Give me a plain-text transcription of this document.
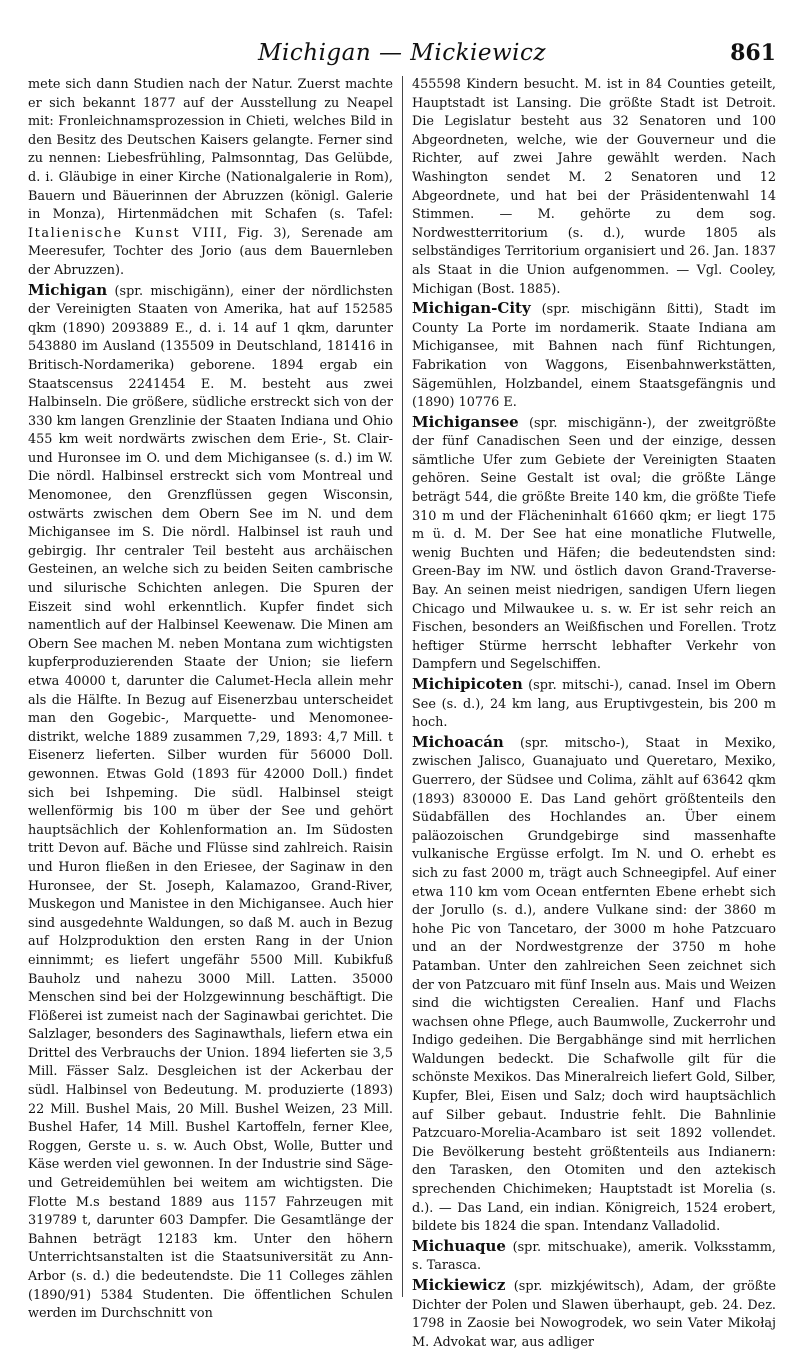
Michigan — Mickiewicz	861

mete sich dann Studien nach der Natur. Zuerst machte er sich bekannt 1877 auf der Ausstellung zu Neapel mit: Fronleichnamsprozession in Chieti, welches Bild in den Besitz des Deutschen Kaisers gelangte. Ferner sind zu nennen: Liebesfrühling, Palmsonntag, Das Gelübde, d. i. Gläubige in einer Kirche (Nationalgalerie in Rom), Bauern und Bäuerinnen der Abruzzen (königl. Galerie in Monza), Hirtenmädchen mit Schafen (s. Tafel: Italienische Kunst VIII, Fig. 3), Serenade am Meeresufer, Tochter des Jorio (aus dem Bauernleben der Abruzzen).

Michigan (spr. mischigänn), einer der nördlichsten der Vereinigten Staaten von Amerika, hat auf 152585 qkm (1890) 2093889 E., d. i. 14 auf 1 qkm, darunter 543880 im Ausland (135509 in Deutschland, 181416 in Britisch-Nordamerika) geborene. 1894 ergab ein Staatscensus 2241454 E. M. besteht aus zwei Halbinseln. Die größere, südliche erstreckt sich von der 330 km langen Grenzlinie der Staaten Indiana und Ohio 455 km weit nordwärts zwischen dem Erie-, St. Clair- und Huronsee im O. und dem Michigansee (s. d.) im W. Die nördl. Halbinsel erstreckt sich vom Montreal und Menomonee, den Grenzflüssen gegen Wisconsin, ostwärts zwischen dem Obern See im N. und dem Michigansee im S. Die nördl. Halbinsel ist rauh und gebirgig. Ihr centraler Teil besteht aus archäischen Gesteinen, an welche sich zu beiden Seiten cambrische und silurische Schichten anlegen. Die Spuren der Eiszeit sind wohl erkenntlich. Kupfer findet sich namentlich auf der Halbinsel Keewenaw. Die Minen am Obern See machen M. neben Montana zum wichtigsten kupferproduzierenden Staate der Union; sie liefern etwa 40000 t, darunter die Calumet-Hecla allein mehr als die Hälfte. In Bezug auf Eisenerzbau unterscheidet man den Gogebic-, Marquette- und Menomonee-distrikt, welche 1889 zusammen 7,29, 1893: 4,7 Mill. t Eisenerz lieferten. Silber wurden für 56000 Doll. gewonnen. Etwas Gold (1893 für 42000 Doll.) findet sich bei Ishpeming. Die südl. Halbinsel steigt wellenförmig bis 100 m über der See und gehört hauptsächlich der Kohlenformation an. Im Südosten tritt Devon auf. Bäche und Flüsse sind zahlreich. Raisin und Huron fließen in den Eriesee, der Saginaw in den Huronsee, der St. Joseph, Kalamazoo, Grand-River, Muskegon und Manistee in den Michigansee. Auch hier sind ausgedehnte Waldungen, so daß M. auch in Bezug auf Holzproduktion den ersten Rang in der Union einnimmt; es liefert ungefähr 5500 Mill. Kubikfuß Bauholz und nahezu 3000 Mill. Latten. 35000 Menschen sind bei der Holzgewinnung beschäftigt. Die Flößerei ist zumeist nach der Saginawbai gerichtet. Die Salzlager, besonders des Saginawthals, liefern etwa ein Drittel des Verbrauchs der Union. 1894 lieferten sie 3,5 Mill. Fässer Salz. Desgleichen ist der Ackerbau der südl. Halbinsel von Bedeutung. M. produzierte (1893) 22 Mill. Bushel Mais, 20 Mill. Bushel Weizen, 23 Mill. Bushel Hafer, 14 Mill. Bushel Kartoffeln, ferner Klee, Roggen, Gerste u. s. w. Auch Obst, Wolle, Butter und Käse werden viel gewonnen. In der Industrie sind Säge- und Getreidemühlen bei weitem am wichtigsten. Die Flotte M.s bestand 1889 aus 1157 Fahrzeugen mit 319789 t, darunter 603 Dampfer. Die Gesamtlänge der Bahnen beträgt 12183 km. Unter den höhern Unterrichtsanstalten ist die Staatsuniversität zu Ann-Arbor (s. d.) die bedeutendste. Die 11 Colleges zählen (1890/91) 5384 Studenten. Die öffentlichen Schulen werden im Durchschnitt von

455598 Kindern besucht. M. ist in 84 Counties geteilt, Hauptstadt ist Lansing. Die größte Stadt ist Detroit. Die Legislatur besteht aus 32 Senatoren und 100 Abgeordneten, welche, wie der Gouverneur und die Richter, auf zwei Jahre gewählt werden. Nach Washington sendet M. 2 Senatoren und 12 Abgeordnete, und hat bei der Präsidentenwahl 14 Stimmen. — M. gehörte zu dem sog. Nordwestterritorium (s. d.), wurde 1805 als selbständiges Territorium organisiert und 26. Jan. 1837 als Staat in die Union aufgenommen. — Vgl. Cooley, Michigan (Bost. 1885).

Michigan-City (spr. mischigänn ßitti), Stadt im County La Porte im nordamerik. Staate Indiana am Michigansee, mit Bahnen nach fünf Richtungen, Fabrikation von Waggons, Eisenbahnwerkstätten, Sägemühlen, Holzbandel, einem Staatsgefängnis und (1890) 10776 E.

Michigansee (spr. mischigänn-), der zweitgrößte der fünf Canadischen Seen und der einzige, dessen sämtliche Ufer zum Gebiete der Vereinigten Staaten gehören. Seine Gestalt ist oval; die größte Länge beträgt 544, die größte Breite 140 km, die größte Tiefe 310 m und der Flächeninhalt 61660 qkm; er liegt 175 m ü. d. M. Der See hat eine monatliche Flutwelle, wenig Buchten und Häfen; die bedeutendsten sind: Green-Bay im NW. und östlich davon Grand-Traverse-Bay. An seinen meist niedrigen, sandigen Ufern liegen Chicago und Milwaukee u. s. w. Er ist sehr reich an Fischen, besonders an Weißfischen und Forellen. Trotz heftiger Stürme herrscht lebhafter Verkehr von Dampfern und Segelschiffen.

Michipicoten (spr. mitschi-), canad. Insel im Obern See (s. d.), 24 km lang, aus Eruptivgestein, bis 200 m hoch.

Michoacán (spr. mitscho-), Staat in Mexiko, zwischen Jalisco, Guanajuato und Queretaro, Mexiko, Guerrero, der Südsee und Colima, zählt auf 63642 qkm (1893) 830000 E. Das Land gehört größtenteils den Südabfällen des Hochlandes an. Über einem paläozoischen Grundgebirge sind massenhafte vulkanische Ergüsse erfolgt. Im N. und O. erhebt es sich zu fast 2000 m, trägt auch Schneegipfel. Auf einer etwa 110 km vom Ocean entfernten Ebene erhebt sich der Jorullo (s. d.), andere Vulkane sind: der 3860 m hohe Pic von Tancetaro, der 3000 m hohe Patzcuaro und an der Nordwestgrenze der 3750 m hohe Patamban. Unter den zahlreichen Seen zeichnet sich der von Patzcuaro mit fünf Inseln aus. Mais und Weizen sind die wichtigsten Cerealien. Hanf und Flachs wachsen ohne Pflege, auch Baumwolle, Zuckerrohr und Indigo gedeihen. Die Bergabhänge sind mit herrlichen Waldungen bedeckt. Die Schafwolle gilt für die schönste Mexikos. Das Mineralreich liefert Gold, Silber, Kupfer, Blei, Eisen und Salz; doch wird hauptsächlich auf Silber gebaut. Industrie fehlt. Die Bahnlinie Patzcuaro-Morelia-Acambaro ist seit 1892 vollendet. Die Bevölkerung besteht größtenteils aus Indianern: den Tarasken, den Otomiten und den aztekisch sprechenden Chichimeken; Hauptstadt ist Morelia (s. d.). — Das Land, ein indian. Königreich, 1524 erobert, bildete bis 1824 die span. Intendanz Valladolid.

Michuaque (spr. mitschuake), amerik. Volksstamm, s. Tarasca.

Mickiewicz (spr. mizkjéwitsch), Adam, der größte Dichter der Polen und Slawen überhaupt, geb. 24. Dez. 1798 in Zaosie bei Nowogrodek, wo sein Vater Mikołaj M. Advokat war, aus adliger
